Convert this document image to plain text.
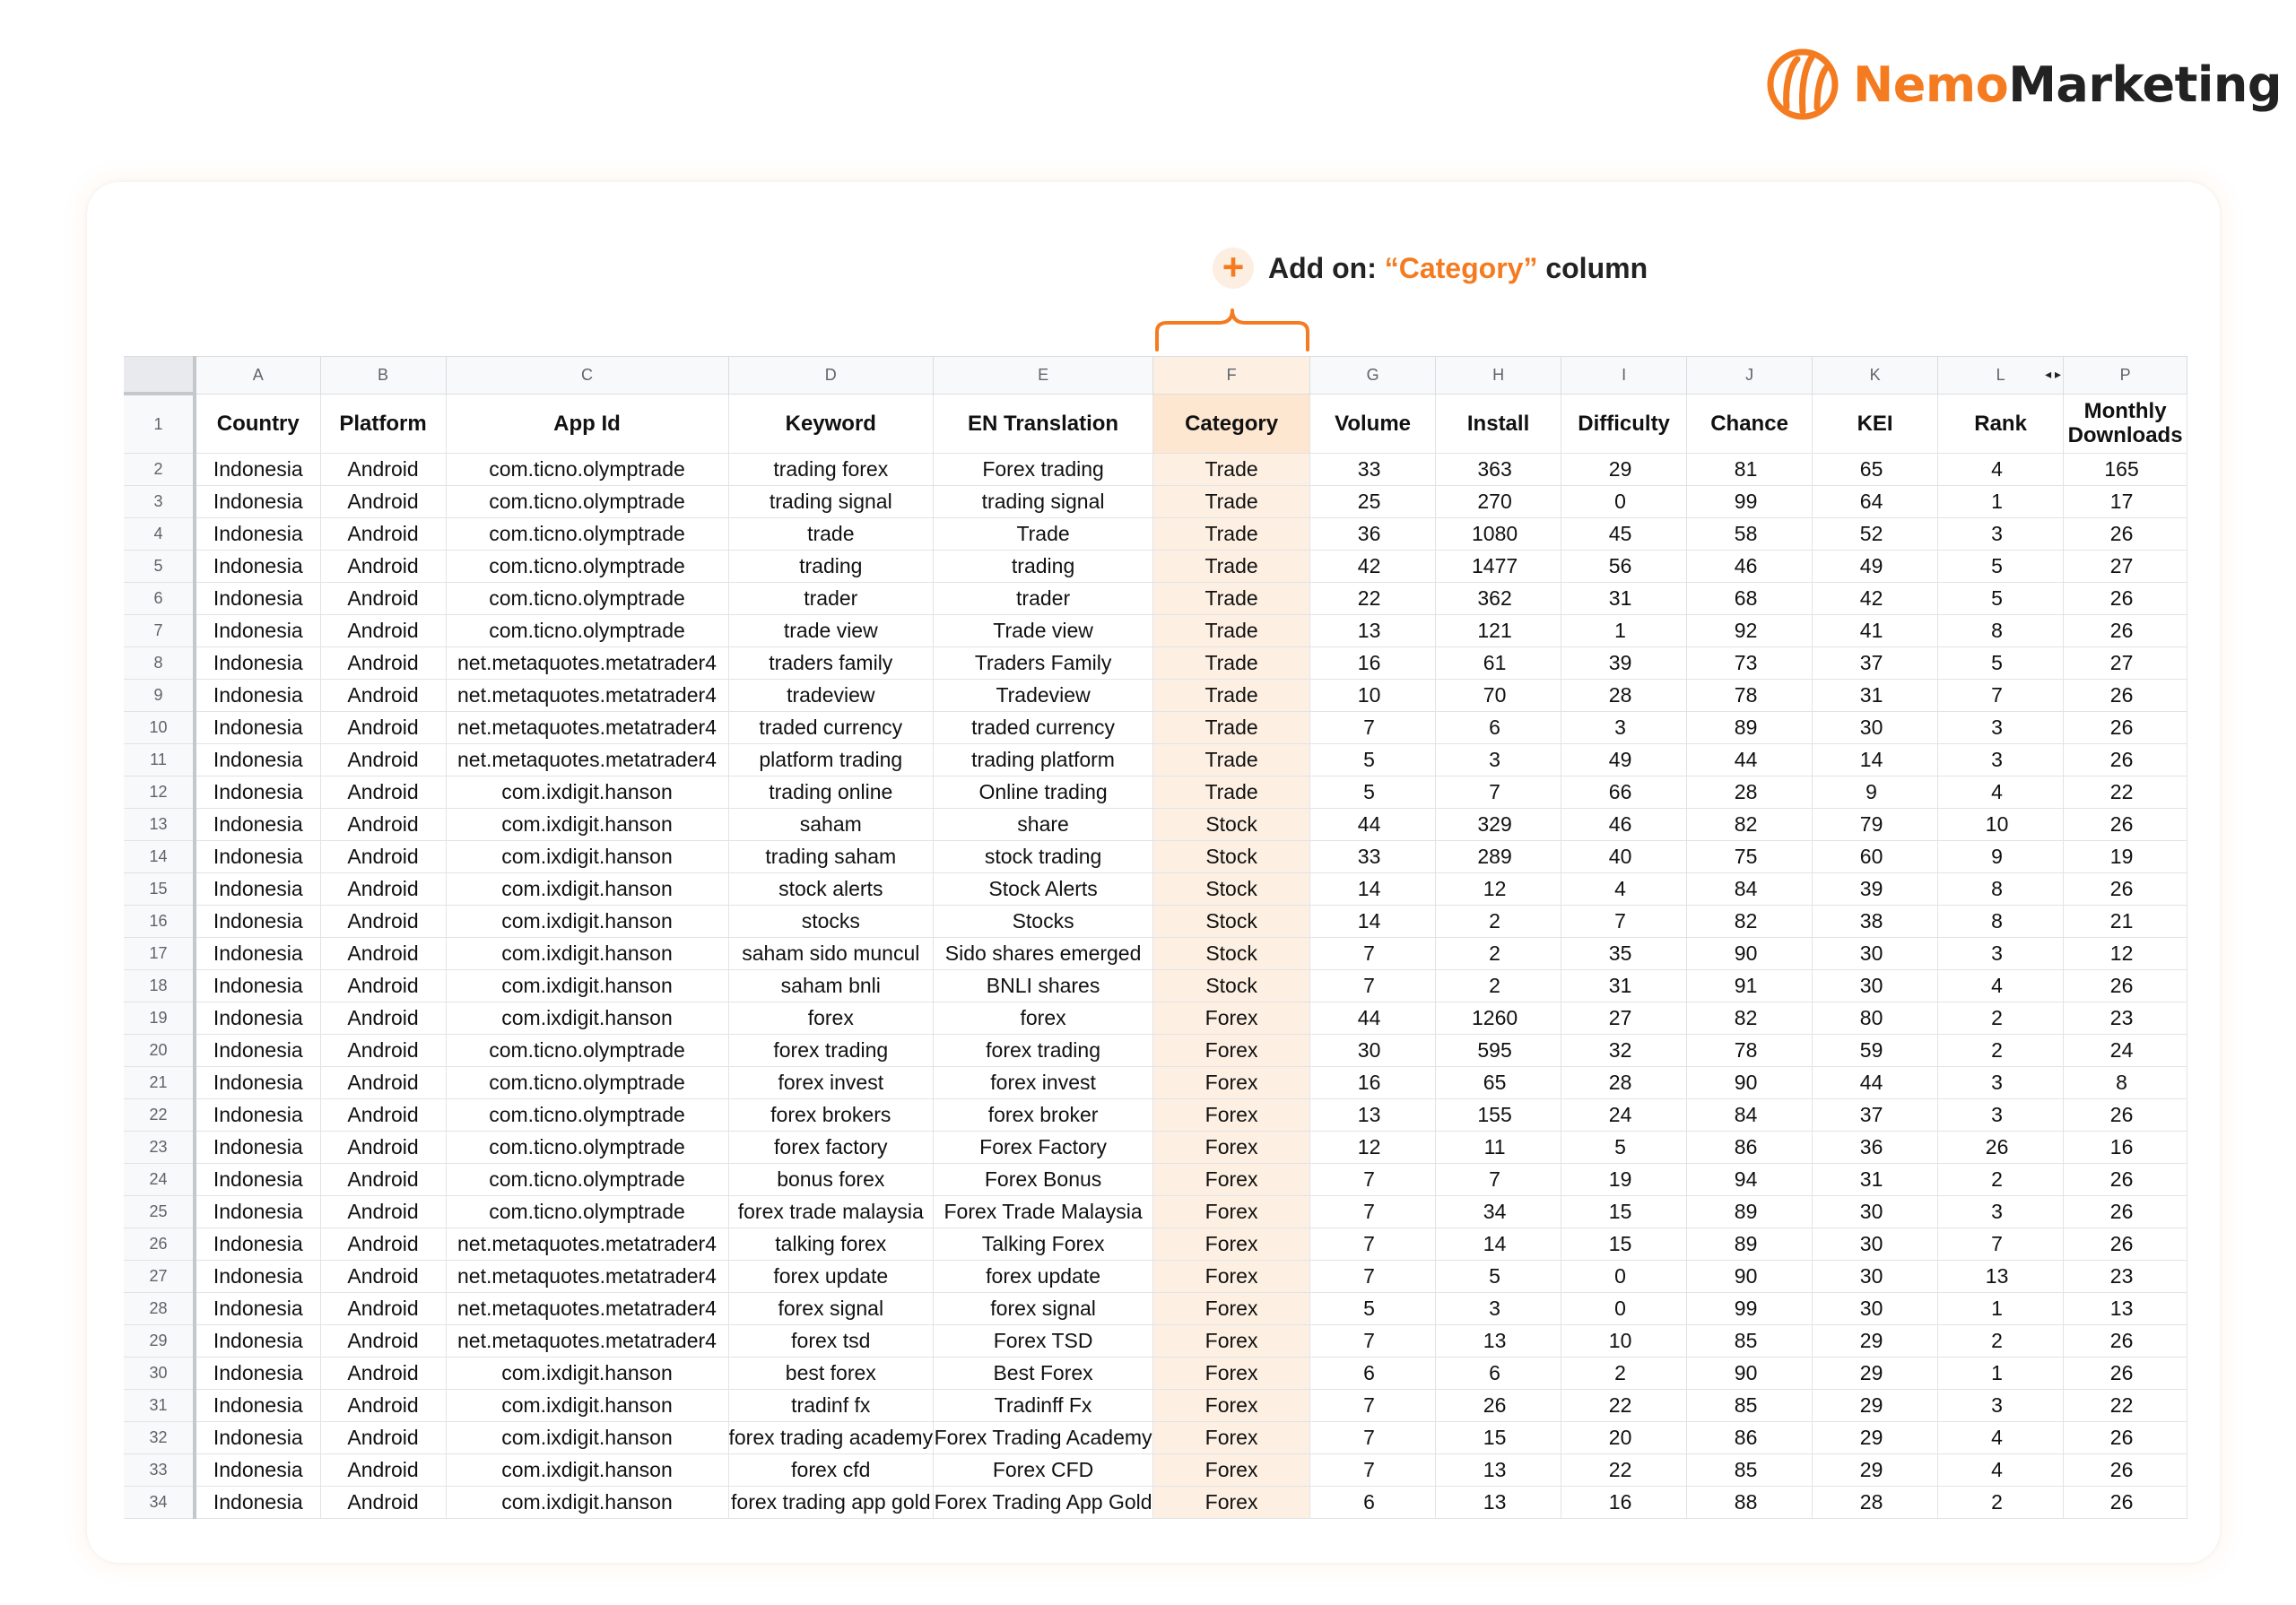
NemoMarketing
+ Add on: “Category” column
	A	B	C	D	E	F	G	H	I	J	K	L ◂ ▸	P
1	Country	Platform	App Id	Keyword	EN Translation	Category	Volume	Install	Difficulty	Chance	KEI	Rank	Monthly Downloads
2	Indonesia	Android	com.ticno.olymptrade	trading forex	Forex trading	Trade	33	363	29	81	65	4	165
3	Indonesia	Android	com.ticno.olymptrade	trading signal	trading signal	Trade	25	270	0	99	64	1	17
4	Indonesia	Android	com.ticno.olymptrade	trade	Trade	Trade	36	1080	45	58	52	3	26
5	Indonesia	Android	com.ticno.olymptrade	trading	trading	Trade	42	1477	56	46	49	5	27
6	Indonesia	Android	com.ticno.olymptrade	trader	trader	Trade	22	362	31	68	42	5	26
7	Indonesia	Android	com.ticno.olymptrade	trade view	Trade view	Trade	13	121	1	92	41	8	26
8	Indonesia	Android	net.metaquotes.metatrader4	traders family	Traders Family	Trade	16	61	39	73	37	5	27
9	Indonesia	Android	net.metaquotes.metatrader4	tradeview	Tradeview	Trade	10	70	28	78	31	7	26
10	Indonesia	Android	net.metaquotes.metatrader4	traded currency	traded currency	Trade	7	6	3	89	30	3	26
11	Indonesia	Android	net.metaquotes.metatrader4	platform trading	trading platform	Trade	5	3	49	44	14	3	26
12	Indonesia	Android	com.ixdigit.hanson	trading online	Online trading	Trade	5	7	66	28	9	4	22
13	Indonesia	Android	com.ixdigit.hanson	saham	share	Stock	44	329	46	82	79	10	26
14	Indonesia	Android	com.ixdigit.hanson	trading saham	stock trading	Stock	33	289	40	75	60	9	19
15	Indonesia	Android	com.ixdigit.hanson	stock alerts	Stock Alerts	Stock	14	12	4	84	39	8	26
16	Indonesia	Android	com.ixdigit.hanson	stocks	Stocks	Stock	14	2	7	82	38	8	21
17	Indonesia	Android	com.ixdigit.hanson	saham sido muncul	Sido shares emerged	Stock	7	2	35	90	30	3	12
18	Indonesia	Android	com.ixdigit.hanson	saham bnli	BNLI shares	Stock	7	2	31	91	30	4	26
19	Indonesia	Android	com.ixdigit.hanson	forex	forex	Forex	44	1260	27	82	80	2	23
20	Indonesia	Android	com.ticno.olymptrade	forex trading	forex trading	Forex	30	595	32	78	59	2	24
21	Indonesia	Android	com.ticno.olymptrade	forex invest	forex invest	Forex	16	65	28	90	44	3	8
22	Indonesia	Android	com.ticno.olymptrade	forex brokers	forex broker	Forex	13	155	24	84	37	3	26
23	Indonesia	Android	com.ticno.olymptrade	forex factory	Forex Factory	Forex	12	11	5	86	36	26	16
24	Indonesia	Android	com.ticno.olymptrade	bonus forex	Forex Bonus	Forex	7	7	19	94	31	2	26
25	Indonesia	Android	com.ticno.olymptrade	forex trade malaysia	Forex Trade Malaysia	Forex	7	34	15	89	30	3	26
26	Indonesia	Android	net.metaquotes.metatrader4	talking forex	Talking Forex	Forex	7	14	15	89	30	7	26
27	Indonesia	Android	net.metaquotes.metatrader4	forex update	forex update	Forex	7	5	0	90	30	13	23
28	Indonesia	Android	net.metaquotes.metatrader4	forex signal	forex signal	Forex	5	3	0	99	30	1	13
29	Indonesia	Android	net.metaquotes.metatrader4	forex tsd	Forex TSD	Forex	7	13	10	85	29	2	26
30	Indonesia	Android	com.ixdigit.hanson	best forex	Best Forex	Forex	6	6	2	90	29	1	26
31	Indonesia	Android	com.ixdigit.hanson	tradinf fx	Tradinff Fx	Forex	7	26	22	85	29	3	22
32	Indonesia	Android	com.ixdigit.hanson	forex trading academy	Forex Trading Academy	Forex	7	15	20	86	29	4	26
33	Indonesia	Android	com.ixdigit.hanson	forex cfd	Forex CFD	Forex	7	13	22	85	29	4	26
34	Indonesia	Android	com.ixdigit.hanson	forex trading app gold	Forex Trading App Gold	Forex	6	13	16	88	28	2	26
